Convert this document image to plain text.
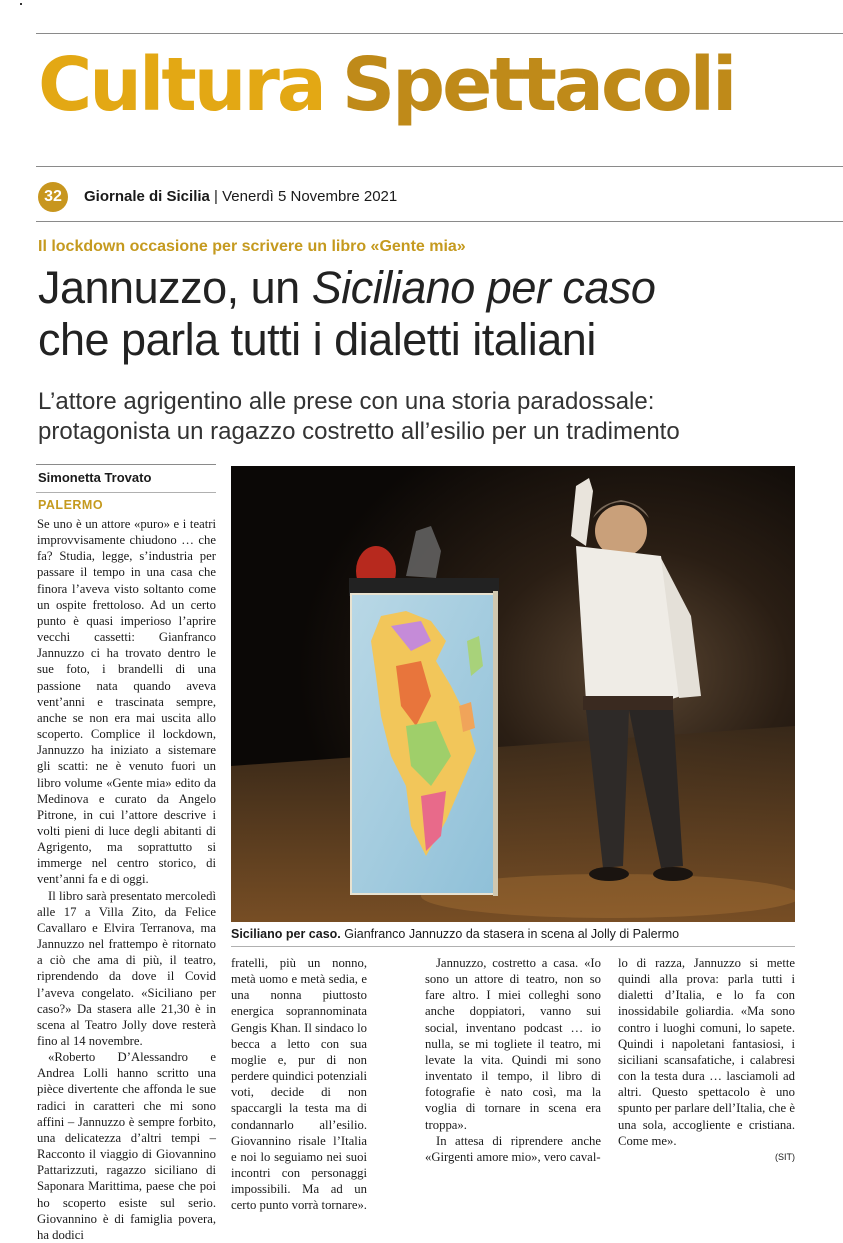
Cultura Spettacoli
32	Giornale di Sicilia | Venerdì 5 Novembre 2021
Il lockdown occasione per scrivere un libro «Gente mia»
Jannuzzo, un Siciliano per caso
che parla tutti i dialetti italiani
L’attore agrigentino alle prese con una storia paradossale:
protagonista un ragazzo costretto all’esilio per un tradimento
Simonetta Trovato
PALERMO

Se uno è un attore «puro» e i teatri improvvisamente chiudono … che fa? Studia, legge, s’industria per passare il tempo in una casa che finora l’aveva visto soltanto come un ospite frettoloso. Ad un certo punto è quasi imperioso l’aprire vecchi cassetti: Gianfranco Jannuzzo ci ha trovato dentro le sue foto, i brandelli di una passione nata quando aveva vent’anni e trascinata sempre, anche se non era mai uscita allo scoperto. Complice il lockdown, Jannuzzo ha iniziato a sistemare gli scatti: ne è venuto fuori un libro volume «Gente mia» edito da Medinova e curato da Angelo Pitrone, in cui l’attore descrive i volti pieni di luce degli abitanti di Agrigento, ma soprattutto si immerge nel centro storico, di vent’anni fa e di oggi.

Il libro sarà presentato mercoledì alle 17 a Villa Zito, da Felice Cavallaro e Elvira Terranova, ma Jannuzzo nel frattempo è ritornato a ciò che ama di più, il teatro, riprendendo da dove il Covid l’aveva congelato. «Siciliano per caso?» Da stasera alle 21,30 è in scena al Teatro Jolly dove resterà fino al 14 novembre.

«Roberto D’Alessandro e Andrea Lolli hanno scritto una pièce divertente che affonda le sue radici in caratteri che mi sono affini – Jannuzzo è sempre forbito, una delicatezza d’altri tempi – Racconto il viaggio di Giovannino Pattarizzuti, ragazzo siciliano di Saponara Marittima, paese che poi ho scoperto esiste sul serio. Giovannino è di famiglia povera, ha dodici

Siciliano per caso. Gianfranco Jannuzzo da stasera in scena al Jolly di Palermo

fratelli, più un nonno, metà uomo e metà sedia, e una nonna piuttosto energica soprannominata Gengis Khan. Il sindaco lo becca a letto con sua moglie e, pur di non perdere quindici potenziali voti, decide di non spaccargli la testa ma di condannarlo all’esilio. Giovannino risale l’Italia e noi lo seguiamo nei suoi incontri con personaggi impossibili. Ma ad un certo punto vorrà tornare».

Jannuzzo, costretto a casa. «Io sono un attore di teatro, non so fare altro. I miei colleghi sono anche doppiatori, vanno sui social, inventano podcast … io nulla, se mi togliete il teatro, mi levate la vita. Quindi mi sono inventato il tempo, il libro di fotografie è nato così, ma la voglia di tornare in scena era troppa».

In attesa di riprendere anche «Girgenti amore mio», vero caval-

lo di razza, Jannuzzo si mette quindi alla prova: parla tutti i dialetti d’Italia, e lo fa con inossidabile goliardia. «Ma sono contro i luoghi comuni, lo sapete. Quindi i napoletani fantasiosi, i siciliani scansafatiche, i calabresi con la testa dura … lasciamoli ad altri. Questo spettacolo è uno spunto per parlare dell’Italia, che è una sola, accogliente e cristiana. Come me».

(SIT)
